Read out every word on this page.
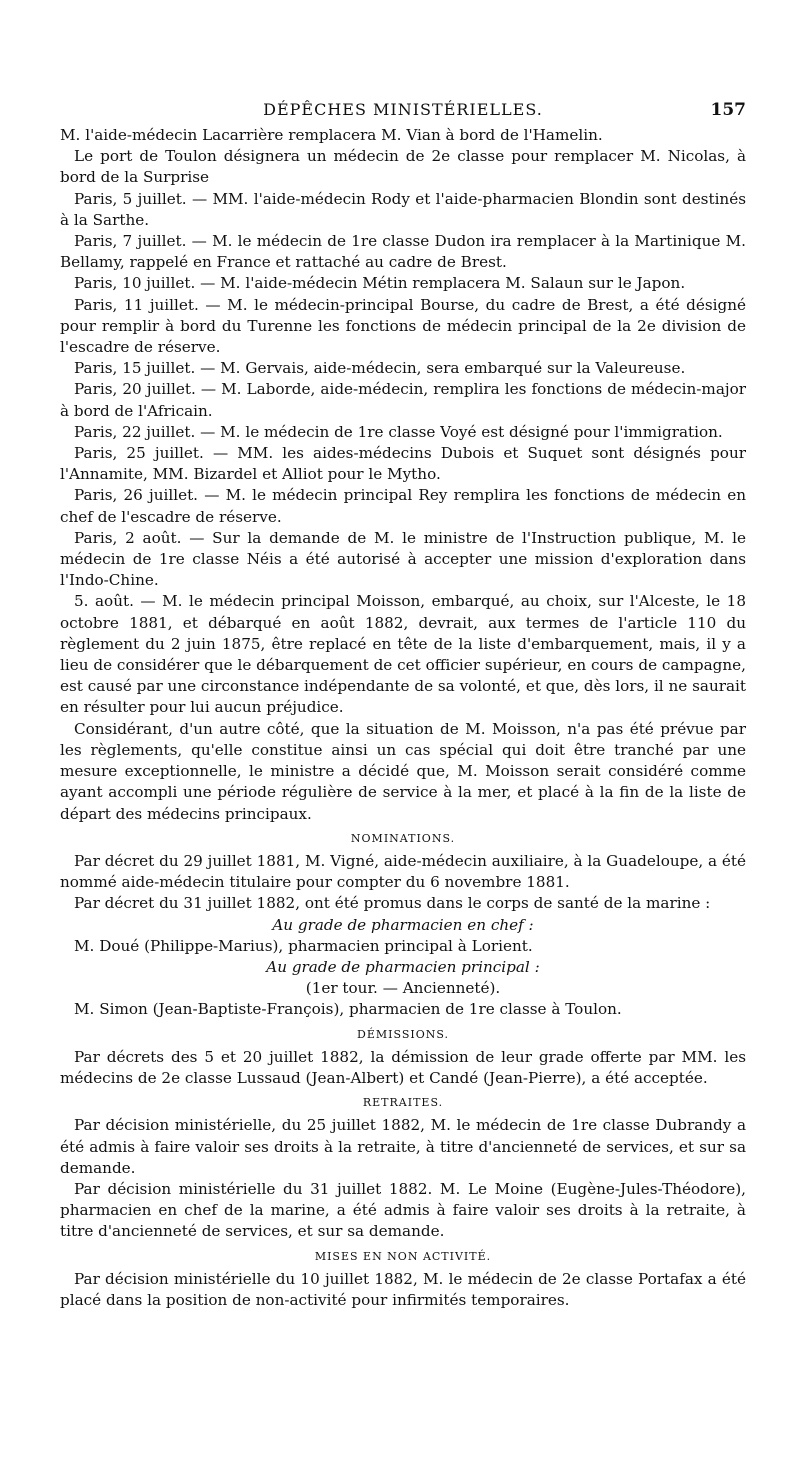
DÉPÊCHES MINISTÉRIELLES.	157

M. l'aide-médecin Lacarrière remplacera M. Vian à bord de l'Hamelin.

Le port de Toulon désignera un médecin de 2e classe pour remplacer M. Nicolas, à bord de la Surprise

Paris, 5 juillet. — MM. l'aide-médecin Rody et l'aide-pharmacien Blondin sont destinés à la Sarthe.

Paris, 7 juillet. — M. le médecin de 1re classe Dudon ira remplacer à la Martinique M. Bellamy, rappelé en France et rattaché au cadre de Brest.

Paris, 10 juillet. — M. l'aide-médecin Métin remplacera M. Salaun sur le Japon.

Paris, 11 juillet. — M. le médecin-principal Bourse, du cadre de Brest, a été désigné pour remplir à bord du Turenne les fonctions de médecin principal de la 2e division de l'escadre de réserve.

Paris, 15 juillet. — M. Gervais, aide-médecin, sera embarqué sur la Valeureuse.

Paris, 20 juillet. — M. Laborde, aide-médecin, remplira les fonctions de médecin-major à bord de l'Africain.

Paris, 22 juillet. — M. le médecin de 1re classe Voyé est désigné pour l'immigration.

Paris, 25 juillet. — MM. les aides-médecins Dubois et Suquet sont désignés pour l'Annamite, MM. Bizardel et Alliot pour le Mytho.

Paris, 26 juillet. — M. le médecin principal Rey remplira les fonctions de médecin en chef de l'escadre de réserve.

Paris, 2 août. — Sur la demande de M. le ministre de l'Instruction publique, M. le médecin de 1re classe Néis a été autorisé à accepter une mission d'exploration dans l'Indo-Chine.

5. août. — M. le médecin principal Moisson, embarqué, au choix, sur l'Alceste, le 18 octobre 1881, et débarqué en août 1882, devrait, aux termes de l'article 110 du règlement du 2 juin 1875, être replacé en tête de la liste d'embarquement, mais, il y a lieu de considérer que le débarquement de cet officier supérieur, en cours de campagne, est causé par une circonstance indépendante de sa volonté, et que, dès lors, il ne saurait en résulter pour lui aucun préjudice.

Considérant, d'un autre côté, que la situation de M. Moisson, n'a pas été prévue par les règlements, qu'elle constitue ainsi un cas spécial qui doit être tranché par une mesure exceptionnelle, le ministre a décidé que, M. Moisson serait considéré comme ayant accompli une période régulière de service à la mer, et placé à la fin de la liste de départ des médecins principaux.

NOMINATIONS.

Par décret du 29 juillet 1881, M. Vigné, aide-médecin auxiliaire, à la Guadeloupe, a été nommé aide-médecin titulaire pour compter du 6 novembre 1881.

Par décret du 31 juillet 1882, ont été promus dans le corps de santé de la marine :

Au grade de pharmacien en chef :

M. Doué (Philippe-Marius), pharmacien principal à Lorient.

Au grade de pharmacien principal :

(1er tour. — Ancienneté).

M. Simon (Jean-Baptiste-François), pharmacien de 1re classe à Toulon.

DÉMISSIONS.

Par décrets des 5 et 20 juillet 1882, la démission de leur grade offerte par MM. les médecins de 2e classe Lussaud (Jean-Albert) et Candé (Jean-Pierre), a été acceptée.

RETRAITES.

Par décision ministérielle, du 25 juillet 1882, M. le médecin de 1re classe Dubrandy a été admis à faire valoir ses droits à la retraite, à titre d'ancienneté de services, et sur sa demande.

Par décision ministérielle du 31 juillet 1882. M. Le Moine (Eugène-Jules-Théodore), pharmacien en chef de la marine, a été admis à faire valoir ses droits à la retraite, à titre d'ancienneté de services, et sur sa demande.

MISES EN NON ACTIVITÉ.

Par décision ministérielle du 10 juillet 1882, M. le médecin de 2e classe Portafax a été placé dans la position de non-activité pour infirmités temporaires.
